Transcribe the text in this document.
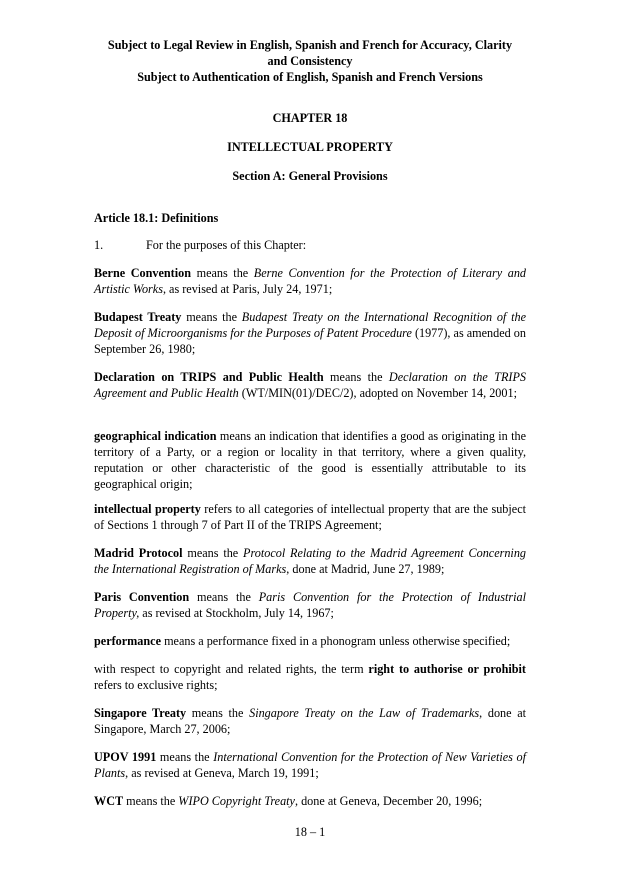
Subject to Legal Review in English, Spanish and French for Accuracy, Clarity
and Consistency
Subject to Authentication of English, Spanish and French Versions
CHAPTER 18
INTELLECTUAL PROPERTY
Section A: General Provisions
Article 18.1: Definitions
1.	For the purposes of this Chapter:
Berne Convention means the Berne Convention for the Protection of Literary and Artistic Works, as revised at Paris, July 24, 1971;
Budapest Treaty means the Budapest Treaty on the International Recognition of the Deposit of Microorganisms for the Purposes of Patent Procedure (1977), as amended on September 26, 1980;
Declaration on TRIPS and Public Health means the Declaration on the TRIPS Agreement and Public Health (WT/MIN(01)/DEC/2), adopted on November 14, 2001;
geographical indication means an indication that identifies a good as originating in the territory of a Party, or a region or locality in that territory, where a given quality, reputation or other characteristic of the good is essentially attributable to its geographical origin;
intellectual property refers to all categories of intellectual property that are the subject of Sections 1 through 7 of Part II of the TRIPS Agreement;
Madrid Protocol means the Protocol Relating to the Madrid Agreement Concerning the International Registration of Marks, done at Madrid, June 27, 1989;
Paris Convention means the Paris Convention for the Protection of Industrial Property, as revised at Stockholm, July 14, 1967;
performance means a performance fixed in a phonogram unless otherwise specified;
with respect to copyright and related rights, the term right to authorise or prohibit refers to exclusive rights;
Singapore Treaty means the Singapore Treaty on the Law of Trademarks, done at Singapore, March 27, 2006;
UPOV 1991 means the International Convention for the Protection of New Varieties of Plants, as revised at Geneva, March 19, 1991;
WCT means the WIPO Copyright Treaty, done at Geneva, December 20, 1996;
18 – 1
